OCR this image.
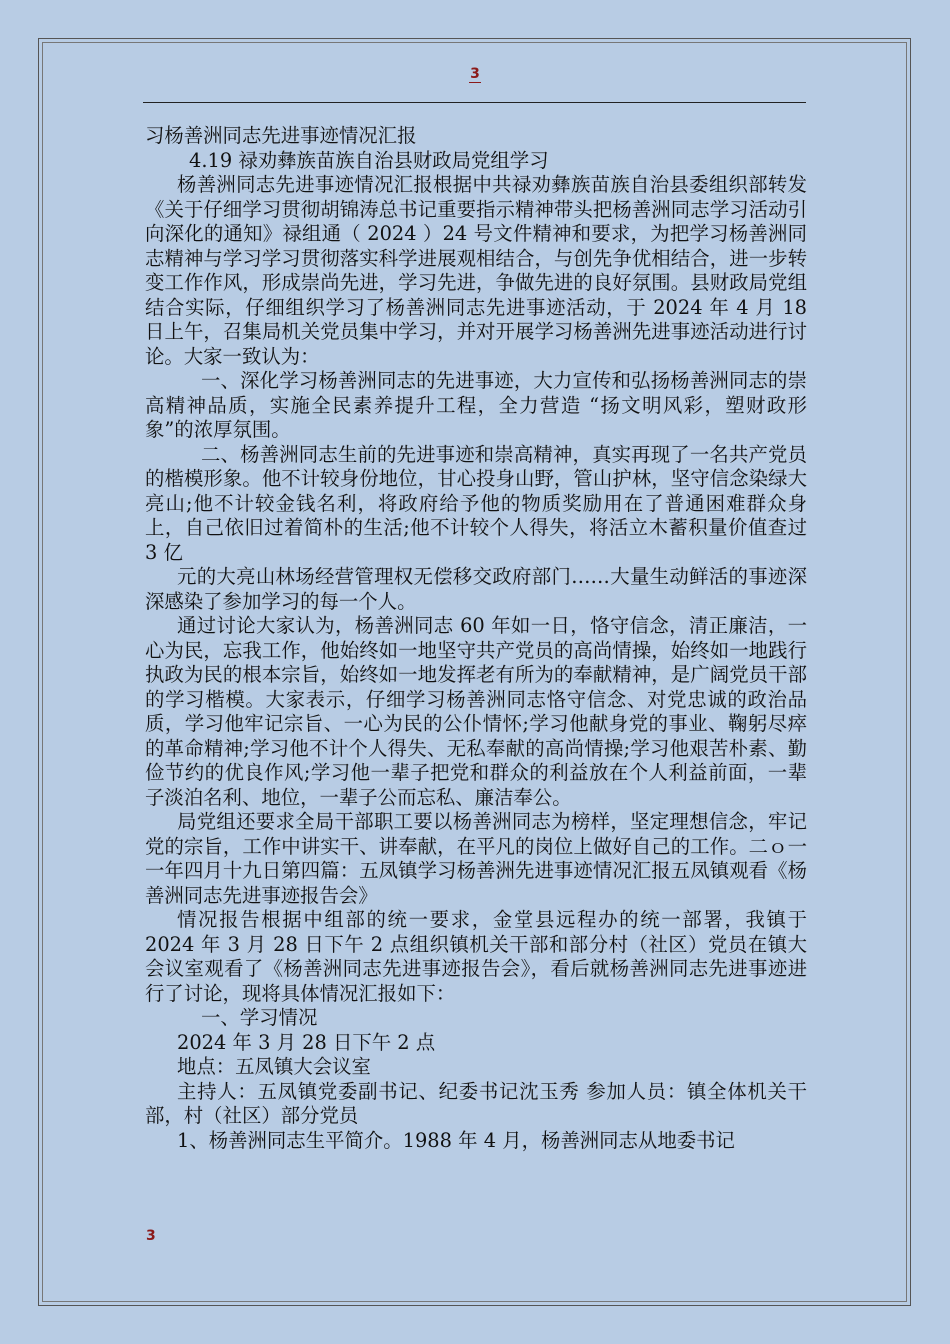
3

习杨善洲同志先进事迹情况汇报

4.19 禄劝彝族苗族自治县财政局党组学习

杨善洲同志先进事迹情况汇报根据中共禄劝彝族苗族自治县委组织部转发《关于仔细学习贯彻胡锦涛总书记重要指示精神带头把杨善洲同志学习活动引向深化的通知》禄组通（ 2024 ）24 号文件精神和要求，为把学习杨善洲同志精神与学习学习贯彻落实科学进展观相结合，与创先争优相结合，进一步转变工作作风，形成崇尚先进，学习先进，争做先进的良好氛围。县财政局党组结合实际，仔细组织学习了杨善洲同志先进事迹活动，于 2024 年 4 月 18 日上午，召集局机关党员集中学习，并对开展学习杨善洲先进事迹活动进行讨论。大家一致认为：

一、深化学习杨善洲同志的先进事迹，大力宣传和弘扬杨善洲同志的崇高精神品质，实施全民素养提升工程，全力营造 “扬文明风彩，塑财政形象”的浓厚氛围。

二、杨善洲同志生前的先进事迹和崇高精神，真实再现了一名共产党员的楷模形象。他不计较身份地位，甘心投身山野，管山护林，坚守信念染绿大亮山;他不计较金钱名利，将政府给予他的物质奖励用在了普通困难群众身上，自己依旧过着简朴的生活;他不计较个人得失，将活立木蓄积量价值查过 3 亿

元的大亮山林场经营管理权无偿移交政府部门……大量生动鲜活的事迹深深感染了参加学习的每一个人。

通过讨论大家认为，杨善洲同志 60 年如一日，恪守信念，清正廉洁，一心为民，忘我工作，他始终如一地坚守共产党员的高尚情操，始终如一地践行执政为民的根本宗旨，始终如一地发挥老有所为的奉献精神，是广阔党员干部的学习楷模。大家表示，仔细学习杨善洲同志恪守信念、对党忠诚的政治品质，学习他牢记宗旨、一心为民的公仆情怀;学习他献身党的事业、鞠躬尽瘁的革命精神;学习他不计个人得失、无私奉献的高尚情操;学习他艰苦朴素、勤俭节约的优良作风;学习他一辈子把党和群众的利益放在个人利益前面，一辈子淡泊名利、地位，一辈子公而忘私、廉洁奉公。

局党组还要求全局干部职工要以杨善洲同志为榜样，坚定理想信念，牢记党的宗旨，工作中讲实干、讲奉献，在平凡的岗位上做好自己的工作。二ｏ一一年四月十九日第四篇：五凤镇学习杨善洲先进事迹情况汇报五凤镇观看《杨善洲同志先进事迹报告会》

情况报告根据中组部的统一要求，金堂县远程办的统一部署，我镇于 2024 年 3 月 28 日下午 2 点组织镇机关干部和部分村（社区）党员在镇大会议室观看了《杨善洲同志先进事迹报告会》，看后就杨善洲同志先进事迹进行了讨论，现将具体情况汇报如下：

一、学习情况

2024 年 3 月 28 日下午 2 点

地点：五凤镇大会议室

主持人：五凤镇党委副书记、纪委书记沈玉秀 参加人员：镇全体机关干部，村（社区）部分党员

1、杨善洲同志生平简介。1988 年 4 月，杨善洲同志从地委书记

3
